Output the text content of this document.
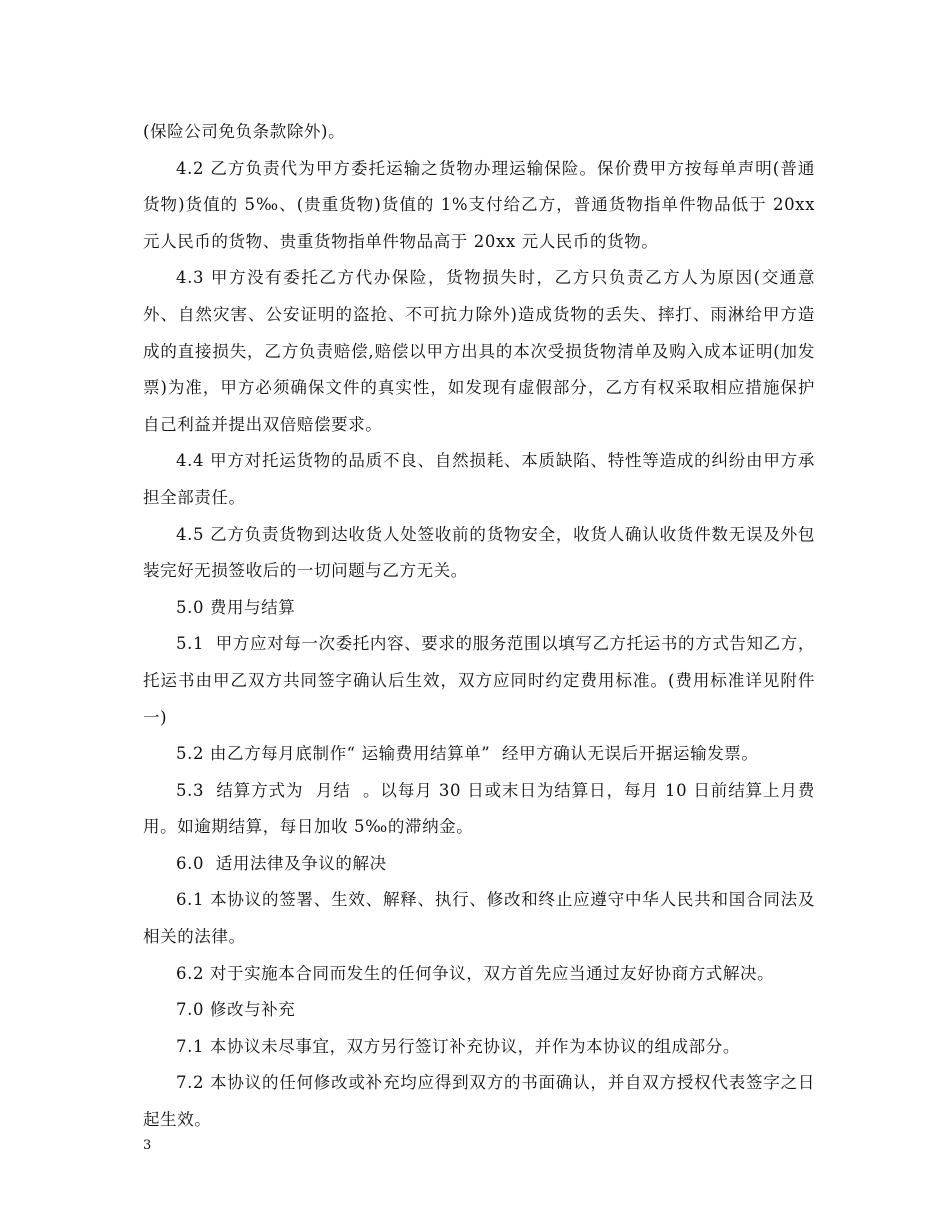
(保险公司免负条款除外)。

4.2 乙方负责代为甲方委托运输之货物办理运输保险。保价费甲方按每单声明(普通货物)货值的 5‰、(贵重货物)货值的 1%支付给乙方，普通货物指单件物品低于 20xx 元人民币的货物、贵重货物指单件物品高于 20xx 元人民币的货物。

4.3 甲方没有委托乙方代办保险，货物损失时，乙方只负责乙方人为原因(交通意外、自然灾害、公安证明的盗抢、不可抗力除外)造成货物的丢失、摔打、雨淋给甲方造成的直接损失，乙方负责赔偿,赔偿以甲方出具的本次受损货物清单及购入成本证明(加发票)为准，甲方必须确保文件的真实性，如发现有虚假部分，乙方有权采取相应措施保护自己利益并提出双倍赔偿要求。

4.4 甲方对托运货物的品质不良、自然损耗、本质缺陷、特性等造成的纠纷由甲方承担全部责任。

4.5 乙方负责货物到达收货人处签收前的货物安全，收货人确认收货件数无误及外包装完好无损签收后的一切问题与乙方无关。

5.0 费用与结算

5.1  甲方应对每一次委托内容、要求的服务范围以填写乙方托运书的方式告知乙方，托运书由甲乙双方共同签字确认后生效，双方应同时约定费用标准。(费用标准详见附件一)

5.2 由乙方每月底制作“ 运输费用结算单”  经甲方确认无误后开据运输发票。

5.3  结算方式为  月结  。以每月 30 日或末日为结算日，每月 10 日前结算上月费用。如逾期结算，每日加收 5‰的滞纳金。

6.0  适用法律及争议的解决

6.1 本协议的签署、生效、解释、执行、修改和终止应遵守中华人民共和国合同法及相关的法律。

6.2 对于实施本合同而发生的任何争议，双方首先应当通过友好协商方式解决。

7.0 修改与补充

7.1 本协议未尽事宜，双方另行签订补充协议，并作为本协议的组成部分。

7.2 本协议的任何修改或补充均应得到双方的书面确认，并自双方授权代表签字之日起生效。

3
